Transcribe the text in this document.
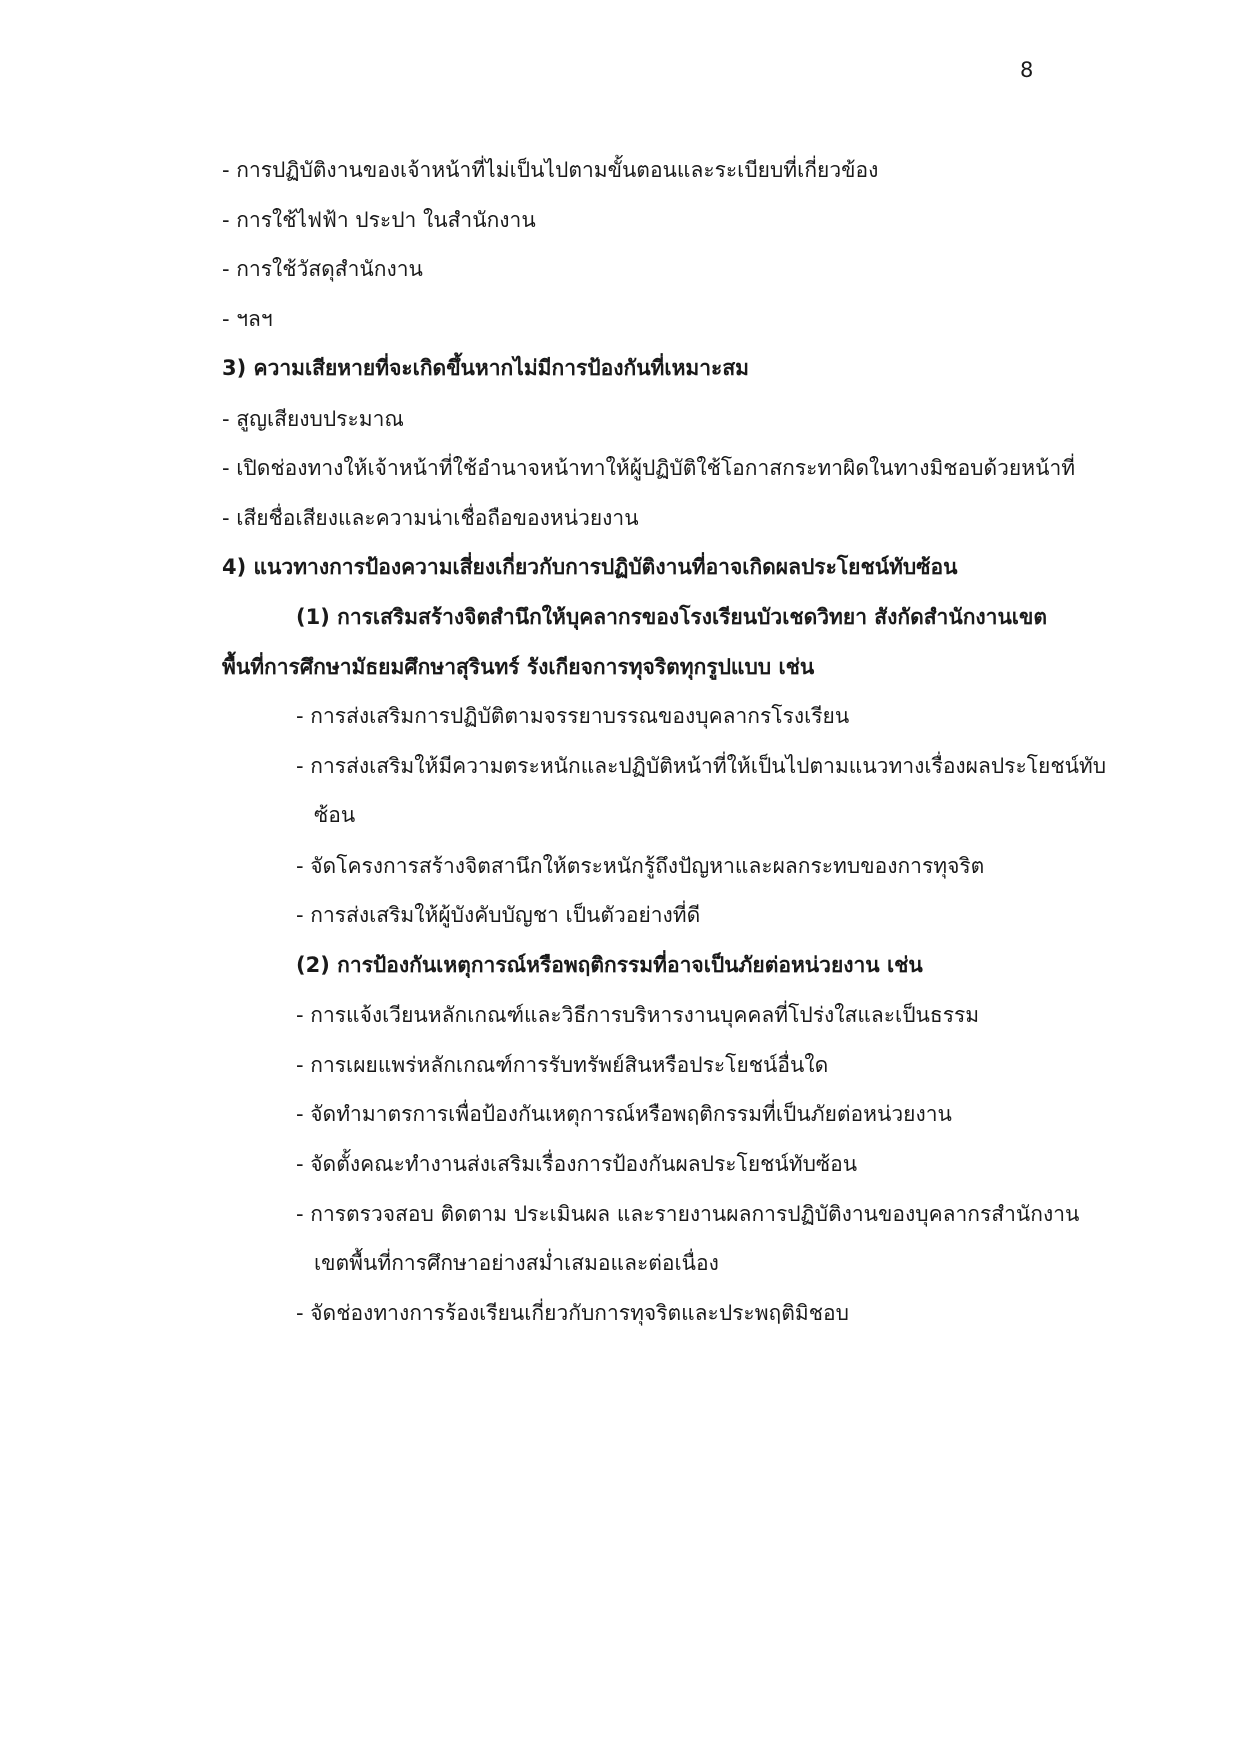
8
- การปฏิบัติงานของเจ้าหน้าที่ไม่เป็นไปตามขั้นตอนและระเบียบที่เกี่ยวข้อง
- การใช้ไฟฟ้า ประปา ในสำนักงาน
- การใช้วัสดุสำนักงาน
- ฯลฯ
3) ความเสียหายที่จะเกิดขึ้นหากไม่มีการป้องกันที่เหมาะสม
- สูญเสียงบประมาณ
- เปิดช่องทางให้เจ้าหน้าที่ใช้อำนาจหน้าทาให้ผู้ปฏิบัติใช้โอกาสกระทาผิดในทางมิชอบด้วยหน้าที่
- เสียชื่อเสียงและความน่าเชื่อถือของหน่วยงาน
4) แนวทางการป้องความเสี่ยงเกี่ยวกับการปฏิบัติงานที่อาจเกิดผลประโยชน์ทับซ้อน
(1) การเสริมสร้างจิตสำนึกให้บุคลากรของโรงเรียนบัวเชดวิทยา สังกัดสำนักงานเขต
พื้นที่การศึกษามัธยมศึกษาสุรินทร์ รังเกียจการทุจริตทุกรูปแบบ เช่น
- การส่งเสริมการปฏิบัติตามจรรยาบรรณของบุคลากรโรงเรียน
- การส่งเสริมให้มีความตระหนักและปฏิบัติหน้าที่ให้เป็นไปตามแนวทางเรื่องผลประโยชน์ทับ
ซ้อน
- จัดโครงการสร้างจิตสานึกให้ตระหนักรู้ถึงปัญหาและผลกระทบของการทุจริต
- การส่งเสริมให้ผู้บังคับบัญชา เป็นตัวอย่างที่ดี
(2) การป้องกันเหตุการณ์หรือพฤติกรรมที่อาจเป็นภัยต่อหน่วยงาน เช่น
- การแจ้งเวียนหลักเกณฑ์และวิธีการบริหารงานบุคคลที่โปร่งใสและเป็นธรรม
- การเผยแพร่หลักเกณฑ์การรับทรัพย์สินหรือประโยชน์อื่นใด
- จัดทำมาตรการเพื่อป้องกันเหตุการณ์หรือพฤติกรรมที่เป็นภัยต่อหน่วยงาน
- จัดตั้งคณะทำงานส่งเสริมเรื่องการป้องกันผลประโยชน์ทับซ้อน
- การตรวจสอบ ติดตาม ประเมินผล และรายงานผลการปฏิบัติงานของบุคลากรสำนักงาน
เขตพื้นที่การศึกษาอย่างสม่ำเสมอและต่อเนื่อง
- จัดช่องทางการร้องเรียนเกี่ยวกับการทุจริตและประพฤติมิชอบ
